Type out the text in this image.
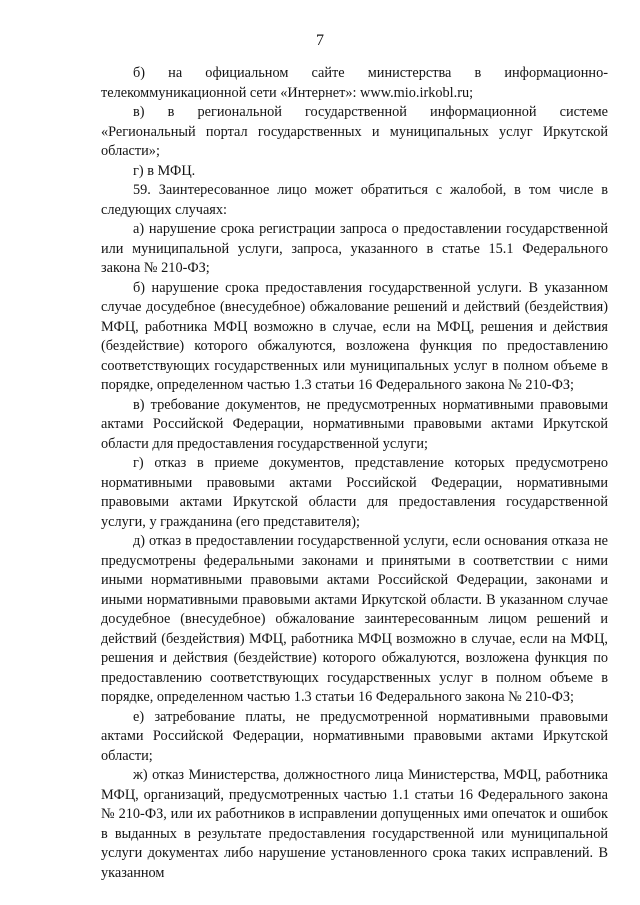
7

б) на официальном сайте министерства в информационно-телекоммуникационной сети «Интернет»: www.mio.irkobl.ru;

в) в региональной государственной информационной системе «Региональный портал государственных и муниципальных услуг Иркутской области»;

г) в МФЦ.

59. Заинтересованное лицо может обратиться с жалобой, в том числе в следующих случаях:

а) нарушение срока регистрации запроса о предоставлении государственной или муниципальной услуги, запроса, указанного в статье 15.1 Федерального закона № 210-ФЗ;

б) нарушение срока предоставления государственной услуги. В указанном случае досудебное (внесудебное) обжалование решений и действий (бездействия) МФЦ, работника МФЦ возможно в случае, если на МФЦ, решения и действия (бездействие) которого обжалуются, возложена функция по предоставлению соответствующих государственных или муниципальных услуг в полном объеме в порядке, определенном частью 1.3 статьи 16 Федерального закона № 210-ФЗ;

в) требование документов, не предусмотренных нормативными правовыми актами Российской Федерации, нормативными правовыми актами Иркутской области для предоставления государственной услуги;

г) отказ в приеме документов, представление которых предусмотрено нормативными правовыми актами Российской Федерации, нормативными правовыми актами Иркутской области для предоставления государственной услуги, у гражданина (его представителя);

д) отказ в предоставлении государственной услуги, если основания отказа не предусмотрены федеральными законами и принятыми в соответствии с ними иными нормативными правовыми актами Российской Федерации, законами и иными нормативными правовыми актами Иркутской области. В указанном случае досудебное (внесудебное) обжалование заинтересованным лицом решений и действий (бездействия) МФЦ, работника МФЦ возможно в случае, если на МФЦ, решения и действия (бездействие) которого обжалуются, возложена функция по предоставлению соответствующих государственных услуг в полном объеме в порядке, определенном частью 1.3 статьи 16 Федерального закона № 210-ФЗ;

е) затребование платы, не предусмотренной нормативными правовыми актами Российской Федерации, нормативными правовыми актами Иркутской области;

ж) отказ Министерства, должностного лица Министерства, МФЦ, работника МФЦ, организаций, предусмотренных частью 1.1 статьи 16 Федерального закона № 210-ФЗ, или их работников в исправлении допущенных ими опечаток и ошибок в выданных в результате предоставления государственной или муниципальной услуги документах либо нарушение установленного срока таких исправлений. В указанном
